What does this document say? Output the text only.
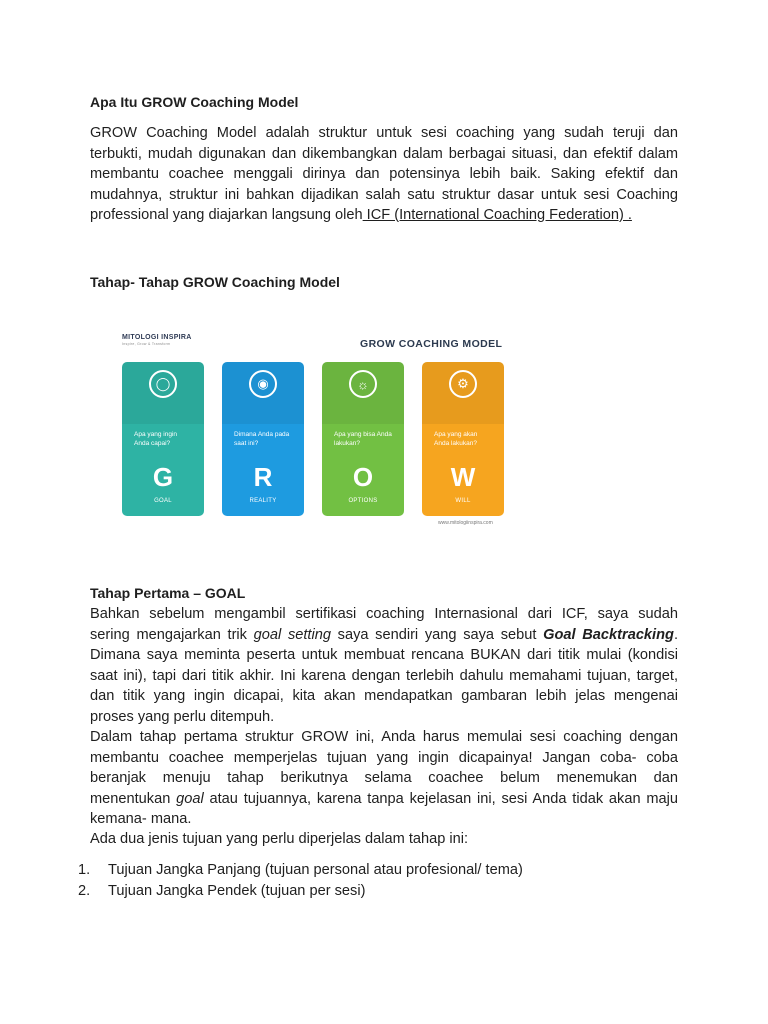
Apa Itu GROW Coaching Model
GROW Coaching Model adalah struktur untuk sesi coaching yang sudah teruji dan
terbukti, mudah digunakan dan dikembangkan dalam berbagai situasi, dan efektif dalam
membantu coachee menggali dirinya dan potensinya lebih baik. Saking efektif dan
mudahnya, struktur ini bahkan dijadikan salah satu struktur dasar untuk sesi Coaching
professional yang diajarkan langsung oleh ICF (International Coaching Federation) .
Tahap- Tahap GROW Coaching Model
Tahap Pertama – GOAL
Bahkan sebelum mengambil sertifikasi coaching Internasional dari ICF, saya sudah
sering mengajarkan trik goal setting saya sendiri yang saya sebut Goal Backtracking.
Dimana saya meminta peserta untuk membuat rencana BUKAN dari titik mulai (kondisi
saat ini), tapi dari titik akhir. Ini karena dengan terlebih dahulu memahami tujuan, target,
dan titik yang ingin dicapai, kita akan mendapatkan gambaran lebih jelas mengenai
proses yang perlu ditempuh.
Dalam tahap pertama struktur GROW ini, Anda harus memulai sesi coaching dengan
membantu coachee memperjelas tujuan yang ingin dicapainya! Jangan coba- coba
beranjak menuju tahap berikutnya selama coachee belum menemukan dan
menentukan goal atau tujuannya, karena tanpa kejelasan ini, sesi Anda tidak akan maju
kemana- mana.
Ada dua jenis tujuan yang perlu diperjelas dalam tahap ini:
1. Tujuan Jangka Panjang (tujuan personal atau profesional/ tema)
2. Tujuan Jangka Pendek (tujuan per sesi)
MITOLOGI INSPIRA
Inspire, Grow & Transform	GROW COACHING MODEL
◯
Apa yang ingin Anda capai?
G
GOAL
◉
Dimana Anda pada saat ini?
R
REALITY
☼
Apa yang bisa Anda lakukan?
O
OPTIONS
⚙
Apa yang akan Anda lakukan?
W
WILL
www.mitologiinspira.com
